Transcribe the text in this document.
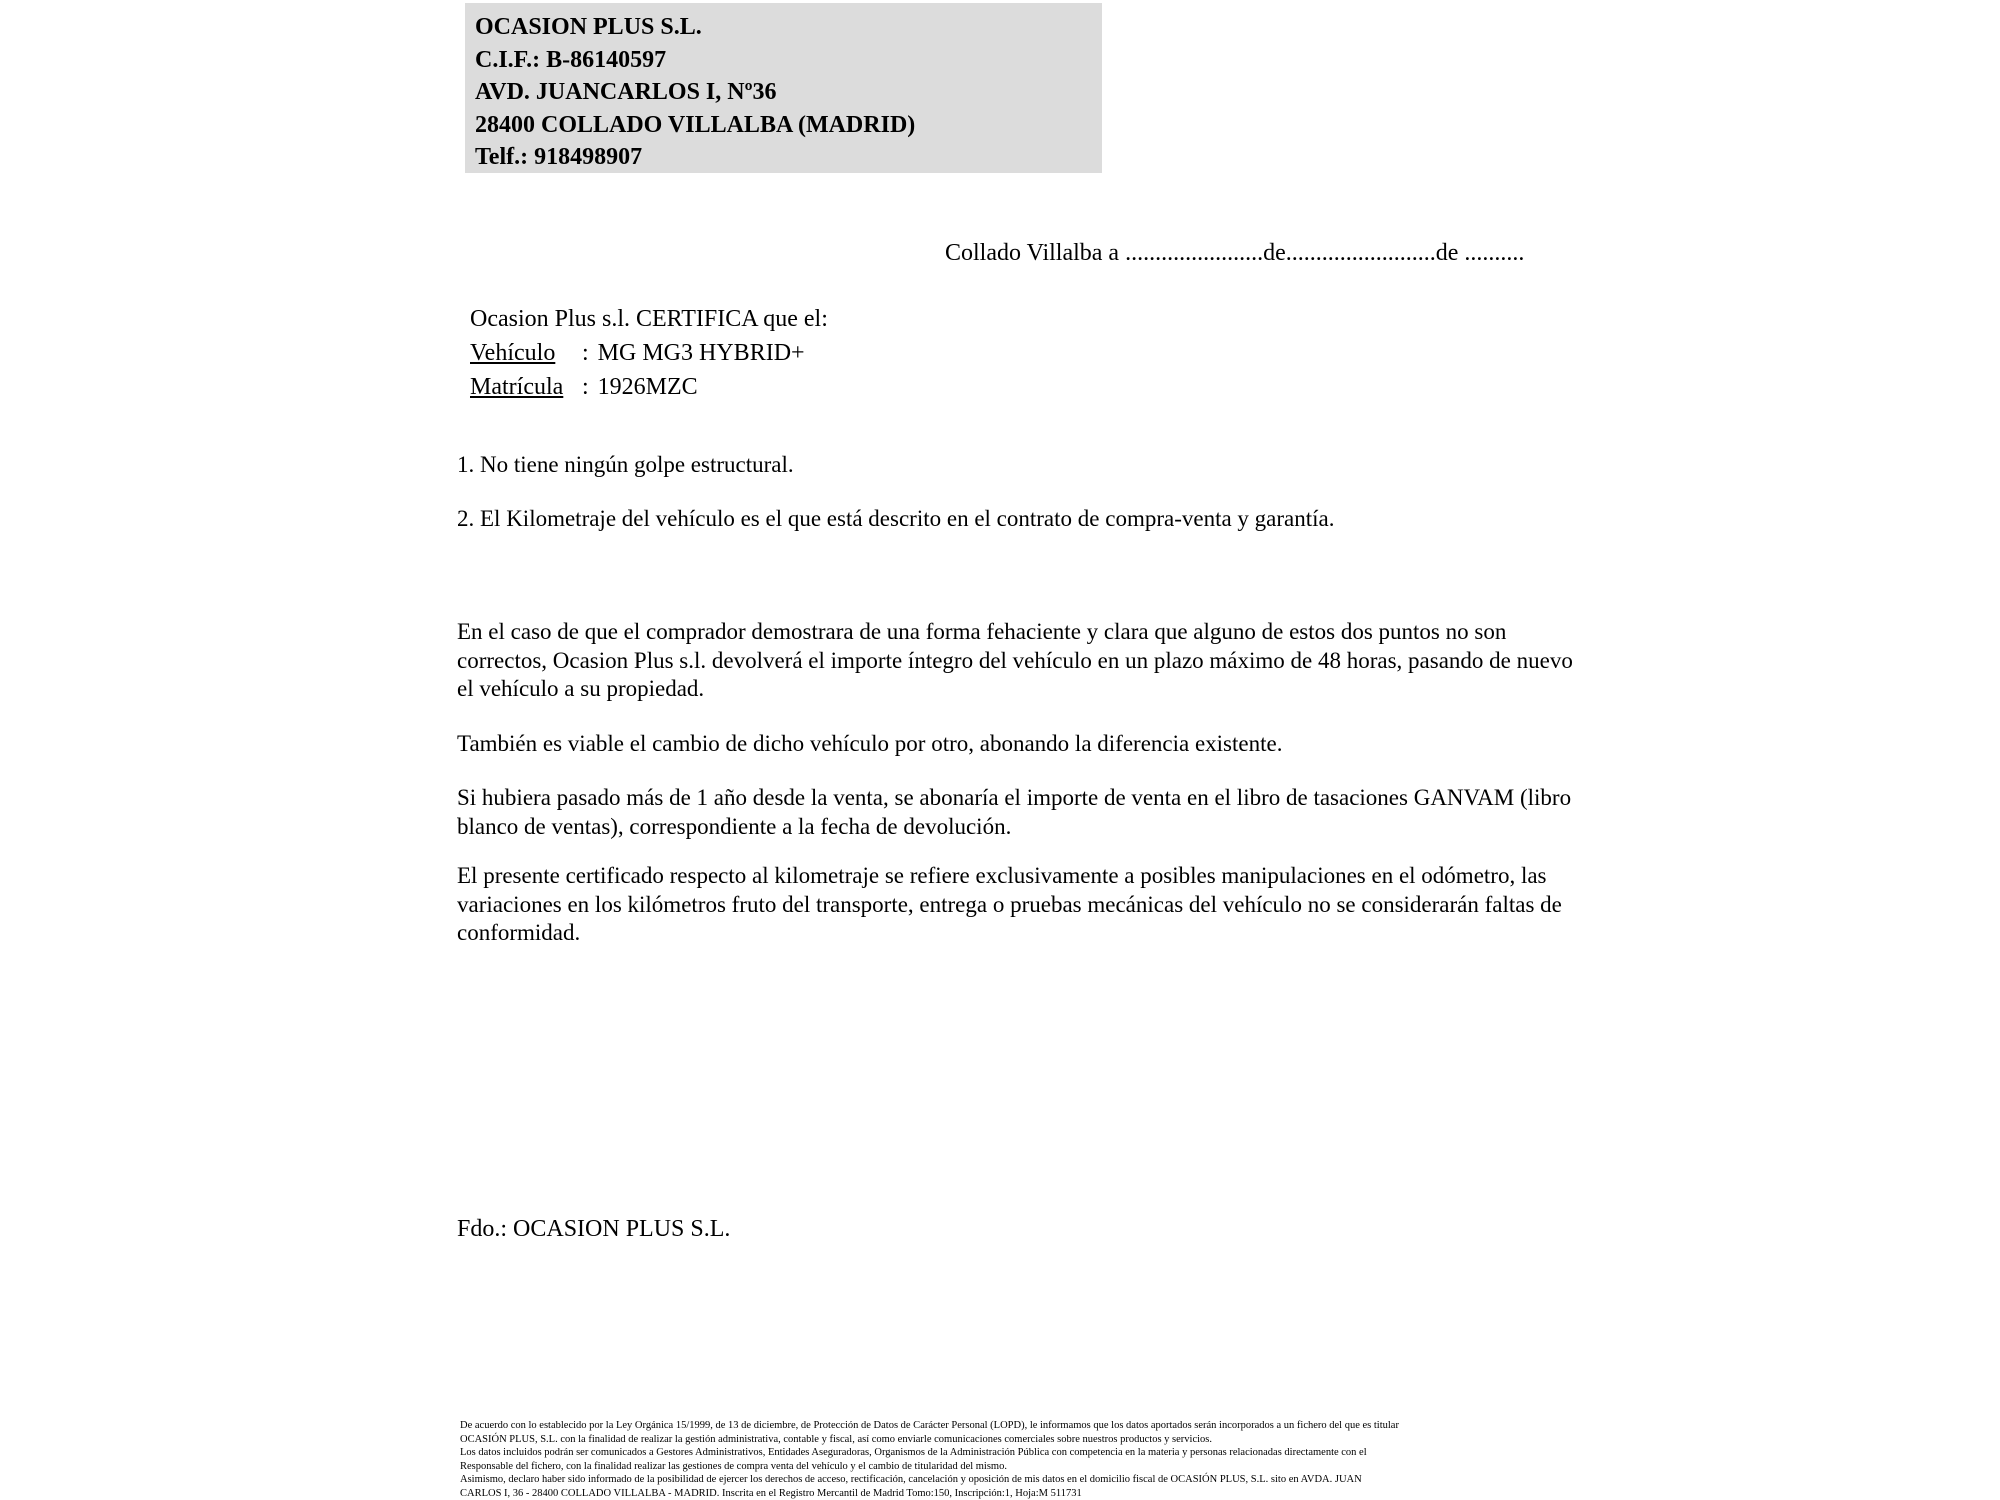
OCASION PLUS S.L.
C.I.F.: B-86140597
AVD. JUANCARLOS I, Nº36
28400 COLLADO VILLALBA (MADRID)
Telf.: 918498907
Collado Villalba a .......................de.........................de ..........
Ocasion Plus s.l. CERTIFICA que el:
Vehículo	: MG MG3 HYBRID+
Matrícula : 1926MZC
1. No tiene ningún golpe estructural.
2. El Kilometraje del vehículo es el que está descrito en el contrato de compra-venta y garantía.
En el caso de que el comprador demostrara de una forma fehaciente y clara que alguno de estos dos puntos no son correctos, Ocasion Plus s.l. devolverá el importe íntegro del vehículo en un plazo máximo de 48 horas, pasando de nuevo el vehículo a su propiedad.
También es viable el cambio de dicho vehículo por otro, abonando la diferencia existente.
Si hubiera pasado más de 1 año desde la venta, se abonaría el importe de venta en el libro de tasaciones GANVAM (libro blanco de ventas), correspondiente a la fecha de devolución.
El presente certificado respecto al kilometraje se refiere exclusivamente a posibles manipulaciones en el odómetro, las variaciones en los kilómetros fruto del transporte, entrega o pruebas mecánicas del vehículo no se considerarán faltas de conformidad.
Fdo.: OCASION PLUS S.L.
De acuerdo con lo establecido por la Ley Orgánica 15/1999, de 13 de diciembre, de Protección de Datos de Carácter Personal (LOPD), le informamos que los datos aportados serán incorporados a un fichero del que es titular
OCASIÓN PLUS, S.L. con la finalidad de realizar la gestión administrativa, contable y fiscal, así como enviarle comunicaciones comerciales sobre nuestros productos y servicios.
Los datos incluidos podrán ser comunicados a Gestores Administrativos, Entidades Aseguradoras, Organismos de la Administración Pública con competencia en la materia y personas relacionadas directamente con el
Responsable del fichero, con la finalidad realizar las gestiones de compra venta del vehículo y el cambio de titularidad del mismo.
Asimismo, declaro haber sido informado de la posibilidad de ejercer los derechos de acceso, rectificación, cancelación y oposición de mis datos en el domicilio fiscal de OCASIÓN PLUS, S.L. sito en AVDA. JUAN
CARLOS I, 36 - 28400 COLLADO VILLALBA - MADRID. Inscrita en el Registro Mercantil de Madrid Tomo:150, Inscripción:1, Hoja:M 511731
